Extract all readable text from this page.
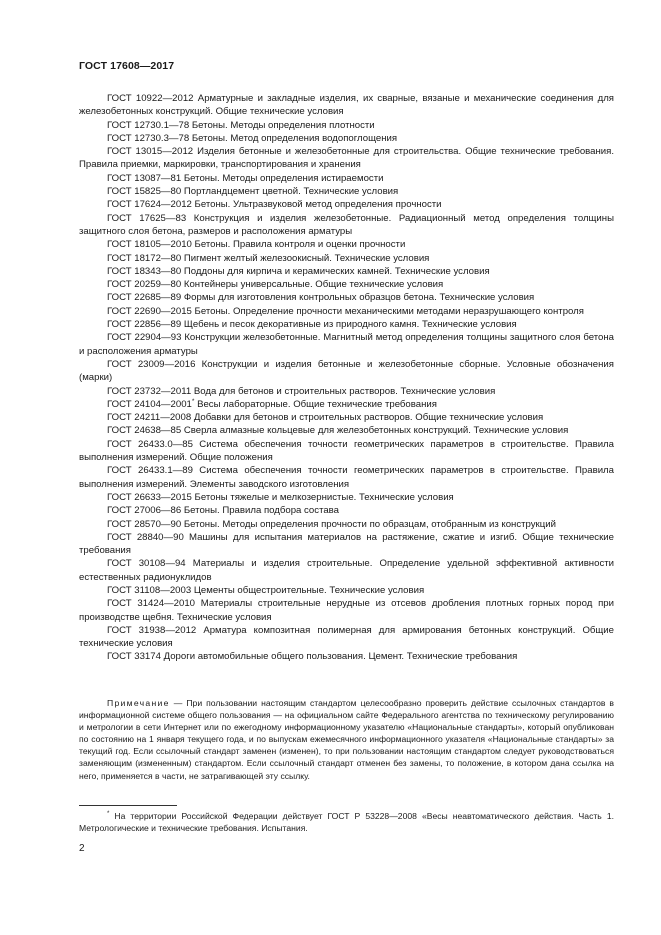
ГОСТ 17608—2017

ГОСТ 10922—2012 Арматурные и закладные изделия, их сварные, вязаные и механические соединения для железобетонных конструкций. Общие технические условия

ГОСТ 12730.1—78 Бетоны. Методы определения плотности

ГОСТ 12730.3—78 Бетоны. Метод определения водопоглощения

ГОСТ 13015—2012 Изделия бетонные и железобетонные для строительства. Общие технические требования. Правила приемки, маркировки, транспортирования и хранения

ГОСТ 13087—81 Бетоны. Методы определения истираемости

ГОСТ 15825—80 Портландцемент цветной. Технические условия

ГОСТ 17624—2012 Бетоны. Ультразвуковой метод определения прочности

ГОСТ 17625—83 Конструкция и изделия железобетонные. Радиационный метод определения толщины защитного слоя бетона, размеров и расположения арматуры

ГОСТ 18105—2010 Бетоны. Правила контроля и оценки прочности

ГОСТ 18172—80 Пигмент желтый железоокисный. Технические условия

ГОСТ 18343—80 Поддоны для кирпича и керамических камней. Технические условия

ГОСТ 20259—80 Контейнеры универсальные. Общие технические условия

ГОСТ 22685—89 Формы для изготовления контрольных образцов бетона. Технические условия

ГОСТ 22690—2015 Бетоны. Определение прочности механическими методами неразрушающего контроля

ГОСТ 22856—89 Щебень и песок декоративные из природного камня. Технические условия

ГОСТ 22904—93 Конструкции железобетонные. Магнитный метод определения толщины защитного слоя бетона и расположения арматуры

ГОСТ 23009—2016 Конструкции и изделия бетонные и железобетонные сборные. Условные обозначения (марки)

ГОСТ 23732—2011 Вода для бетонов и строительных растворов. Технические условия

ГОСТ 24104—2001* Весы лабораторные. Общие технические требования

ГОСТ 24211—2008 Добавки для бетонов и строительных растворов. Общие технические условия

ГОСТ 24638—85 Сверла алмазные кольцевые для железобетонных конструкций. Технические условия

ГОСТ 26433.0—85 Система обеспечения точности геометрических параметров в строительстве. Правила выполнения измерений. Общие положения

ГОСТ 26433.1—89 Система обеспечения точности геометрических параметров в строительстве. Правила выполнения измерений. Элементы заводского изготовления

ГОСТ 26633—2015 Бетоны тяжелые и мелкозернистые. Технические условия

ГОСТ 27006—86 Бетоны. Правила подбора состава

ГОСТ 28570—90 Бетоны. Методы определения прочности по образцам, отобранным из конструкций

ГОСТ 28840—90 Машины для испытания материалов на растяжение, сжатие и изгиб. Общие технические требования

ГОСТ 30108—94 Материалы и изделия строительные. Определение удельной эффективной активности естественных радионуклидов

ГОСТ 31108—2003 Цементы общестроительные. Технические условия

ГОСТ 31424—2010 Материалы строительные нерудные из отсевов дробления плотных горных пород при производстве щебня. Технические условия

ГОСТ 31938—2012 Арматура композитная полимерная для армирования бетонных конструкций. Общие технические условия

ГОСТ 33174 Дороги автомобильные общего пользования. Цемент. Технические требования

Примечание — При пользовании настоящим стандартом целесообразно проверить действие ссылочных стандартов в информационной системе общего пользования — на официальном сайте Федерального агентства по техническому регулированию и метрологии в сети Интернет или по ежегодному информационному указателю «Национальные стандарты», который опубликован по состоянию на 1 января текущего года, и по выпускам ежемесячного информационного указателя «Национальные стандарты» за текущий год. Если ссылочный стандарт заменен (изменен), то при пользовании настоящим стандартом следует руководствоваться заменяющим (измененным) стандартом. Если ссылочный стандарт отменен без замены, то положение, в котором дана ссылка на него, применяется в части, не затрагивающей эту ссылку.

* На территории Российской Федерации действует ГОСТ Р 53228—2008 «Весы неавтоматического действия. Часть 1. Метрологические и технические требования. Испытания.

2
